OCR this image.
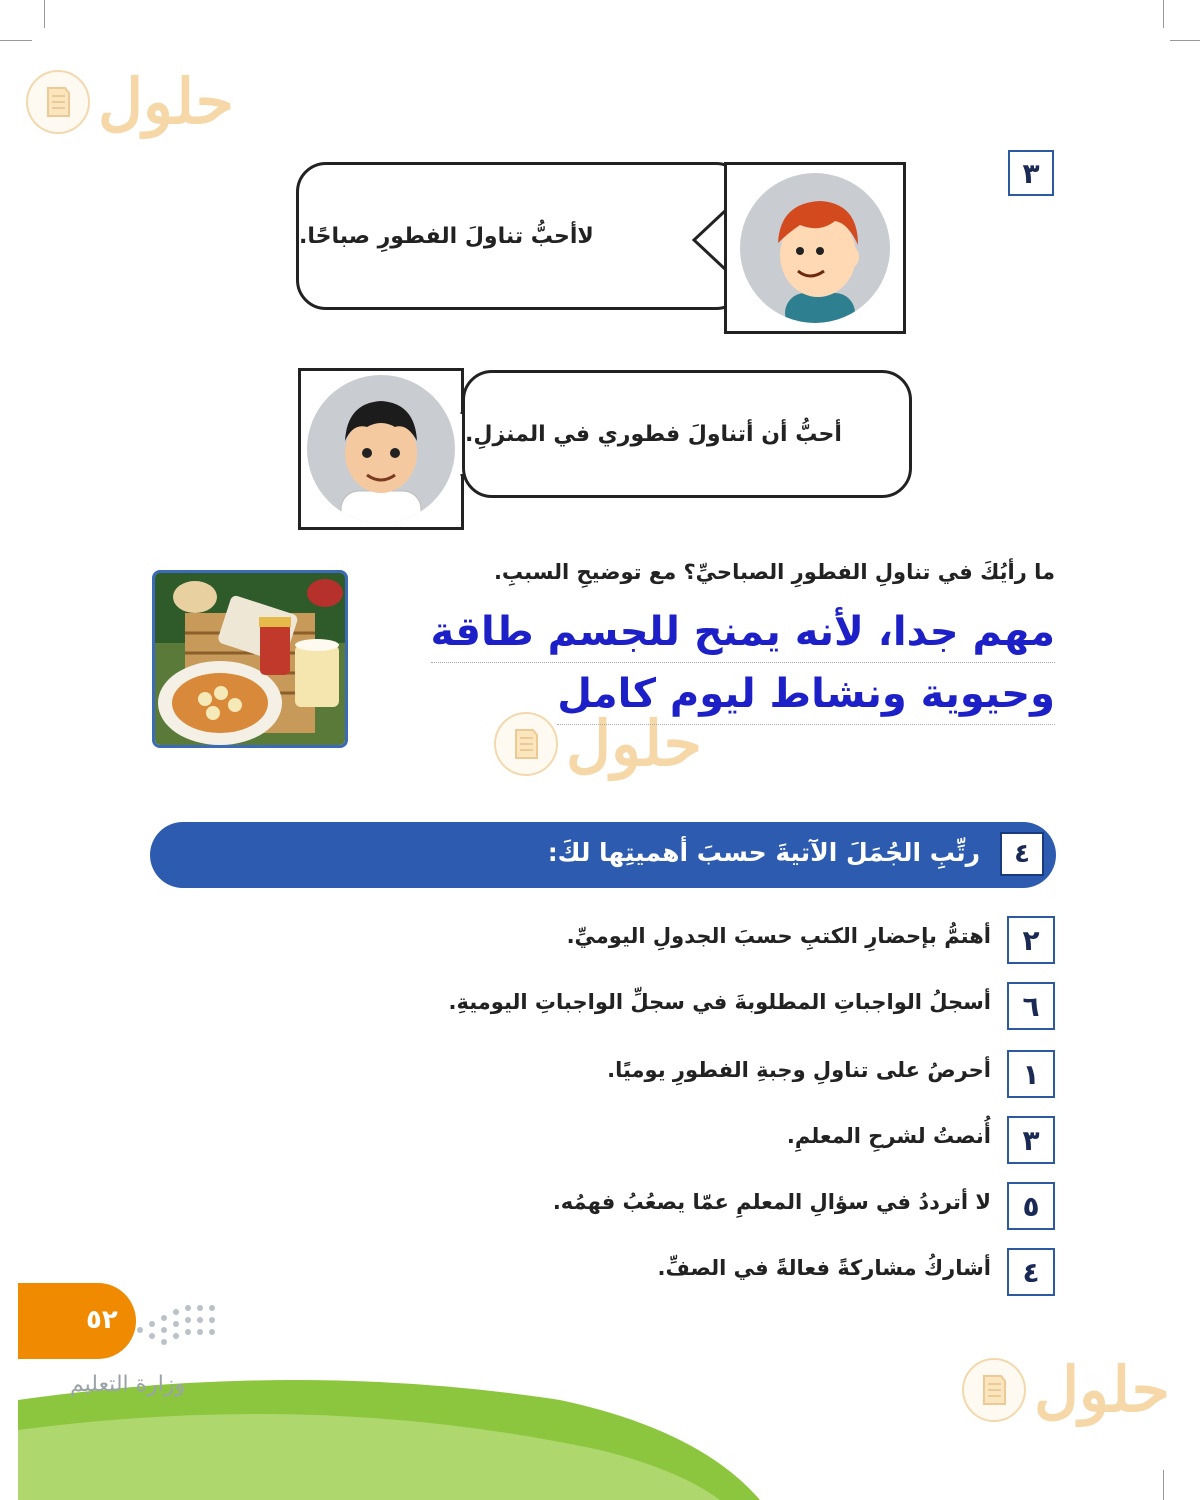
حلول
حلول
حلول
٣
لاأحبُّ تناولَ الفطورِ صباحًا.
أحبُّ أن أتناولَ فطوري في المنزلِ.
ما رأيُكَ في تناولِ الفطورِ الصباحيِّ؟ مع توضيحِ السببِ.
مهم جدا، لأنه يمنح للجسم طاقة
وحيوية ونشاط ليوم كامل
٤
رتِّبِ الجُمَلَ الآتيةَ حسبَ أهميتِها لكَ:
٢
أهتمُّ بإحضارِ الكتبِ حسبَ الجدولِ اليوميِّ.
٦
أسجلُ الواجباتِ المطلوبةَ في سجلِّ الواجباتِ اليوميةِ.
١
أحرصُ على تناولِ وجبةِ الفطورِ يوميًا.
٣
أُنصتُ لشرحِ المعلمِ.
٥
لا أترددُ في سؤالِ المعلمِ عمّا يصعُبُ فهمُه.
٤
أشاركُ مشاركةً فعالةً في الصفِّ.
٥٢
وزارة التعليم
